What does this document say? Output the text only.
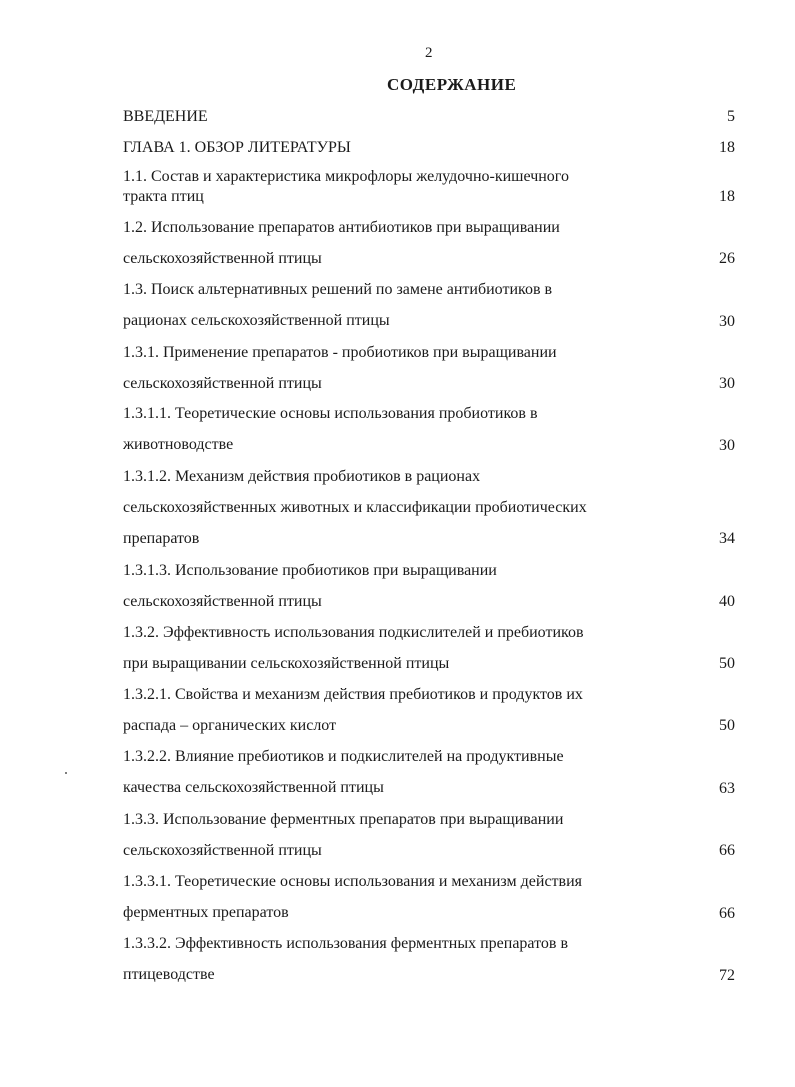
2
СОДЕРЖАНИЕ
ВВЕДЕНИЕ	5
ГЛАВА 1. ОБЗОР ЛИТЕРАТУРЫ	18
1.1. Состав и характеристика микрофлоры желудочно-кишечного
тракта птиц	18
1.2. Использование препаратов антибиотиков при выращивании
сельскохозяйственной птицы	26
1.3. Поиск альтернативных решений по замене антибиотиков в
рационах сельскохозяйственной птицы	30
1.3.1. Применение препаратов - пробиотиков при выращивании
сельскохозяйственной птицы	30
1.3.1.1. Теоретические основы использования пробиотиков в
животноводстве	30
1.3.1.2. Механизм действия пробиотиков в рационах
сельскохозяйственных животных и классификации пробиотических
препаратов	34
1.3.1.3. Использование пробиотиков при выращивании
сельскохозяйственной птицы	40
1.3.2. Эффективность использования подкислителей и пребиотиков
при выращивании сельскохозяйственной птицы	50
1.3.2.1. Свойства и механизм действия пребиотиков и продуктов их
распада – органических кислот	50
1.3.2.2. Влияние пребиотиков и подкислителей на продуктивные
качества сельскохозяйственной птицы	63
1.3.3. Использование ферментных препаратов при выращивании
сельскохозяйственной птицы	66
1.3.3.1. Теоретические основы использования и механизм действия
ферментных препаратов	66
1.3.3.2. Эффективность использования ферментных препаратов в
птицеводстве	72
